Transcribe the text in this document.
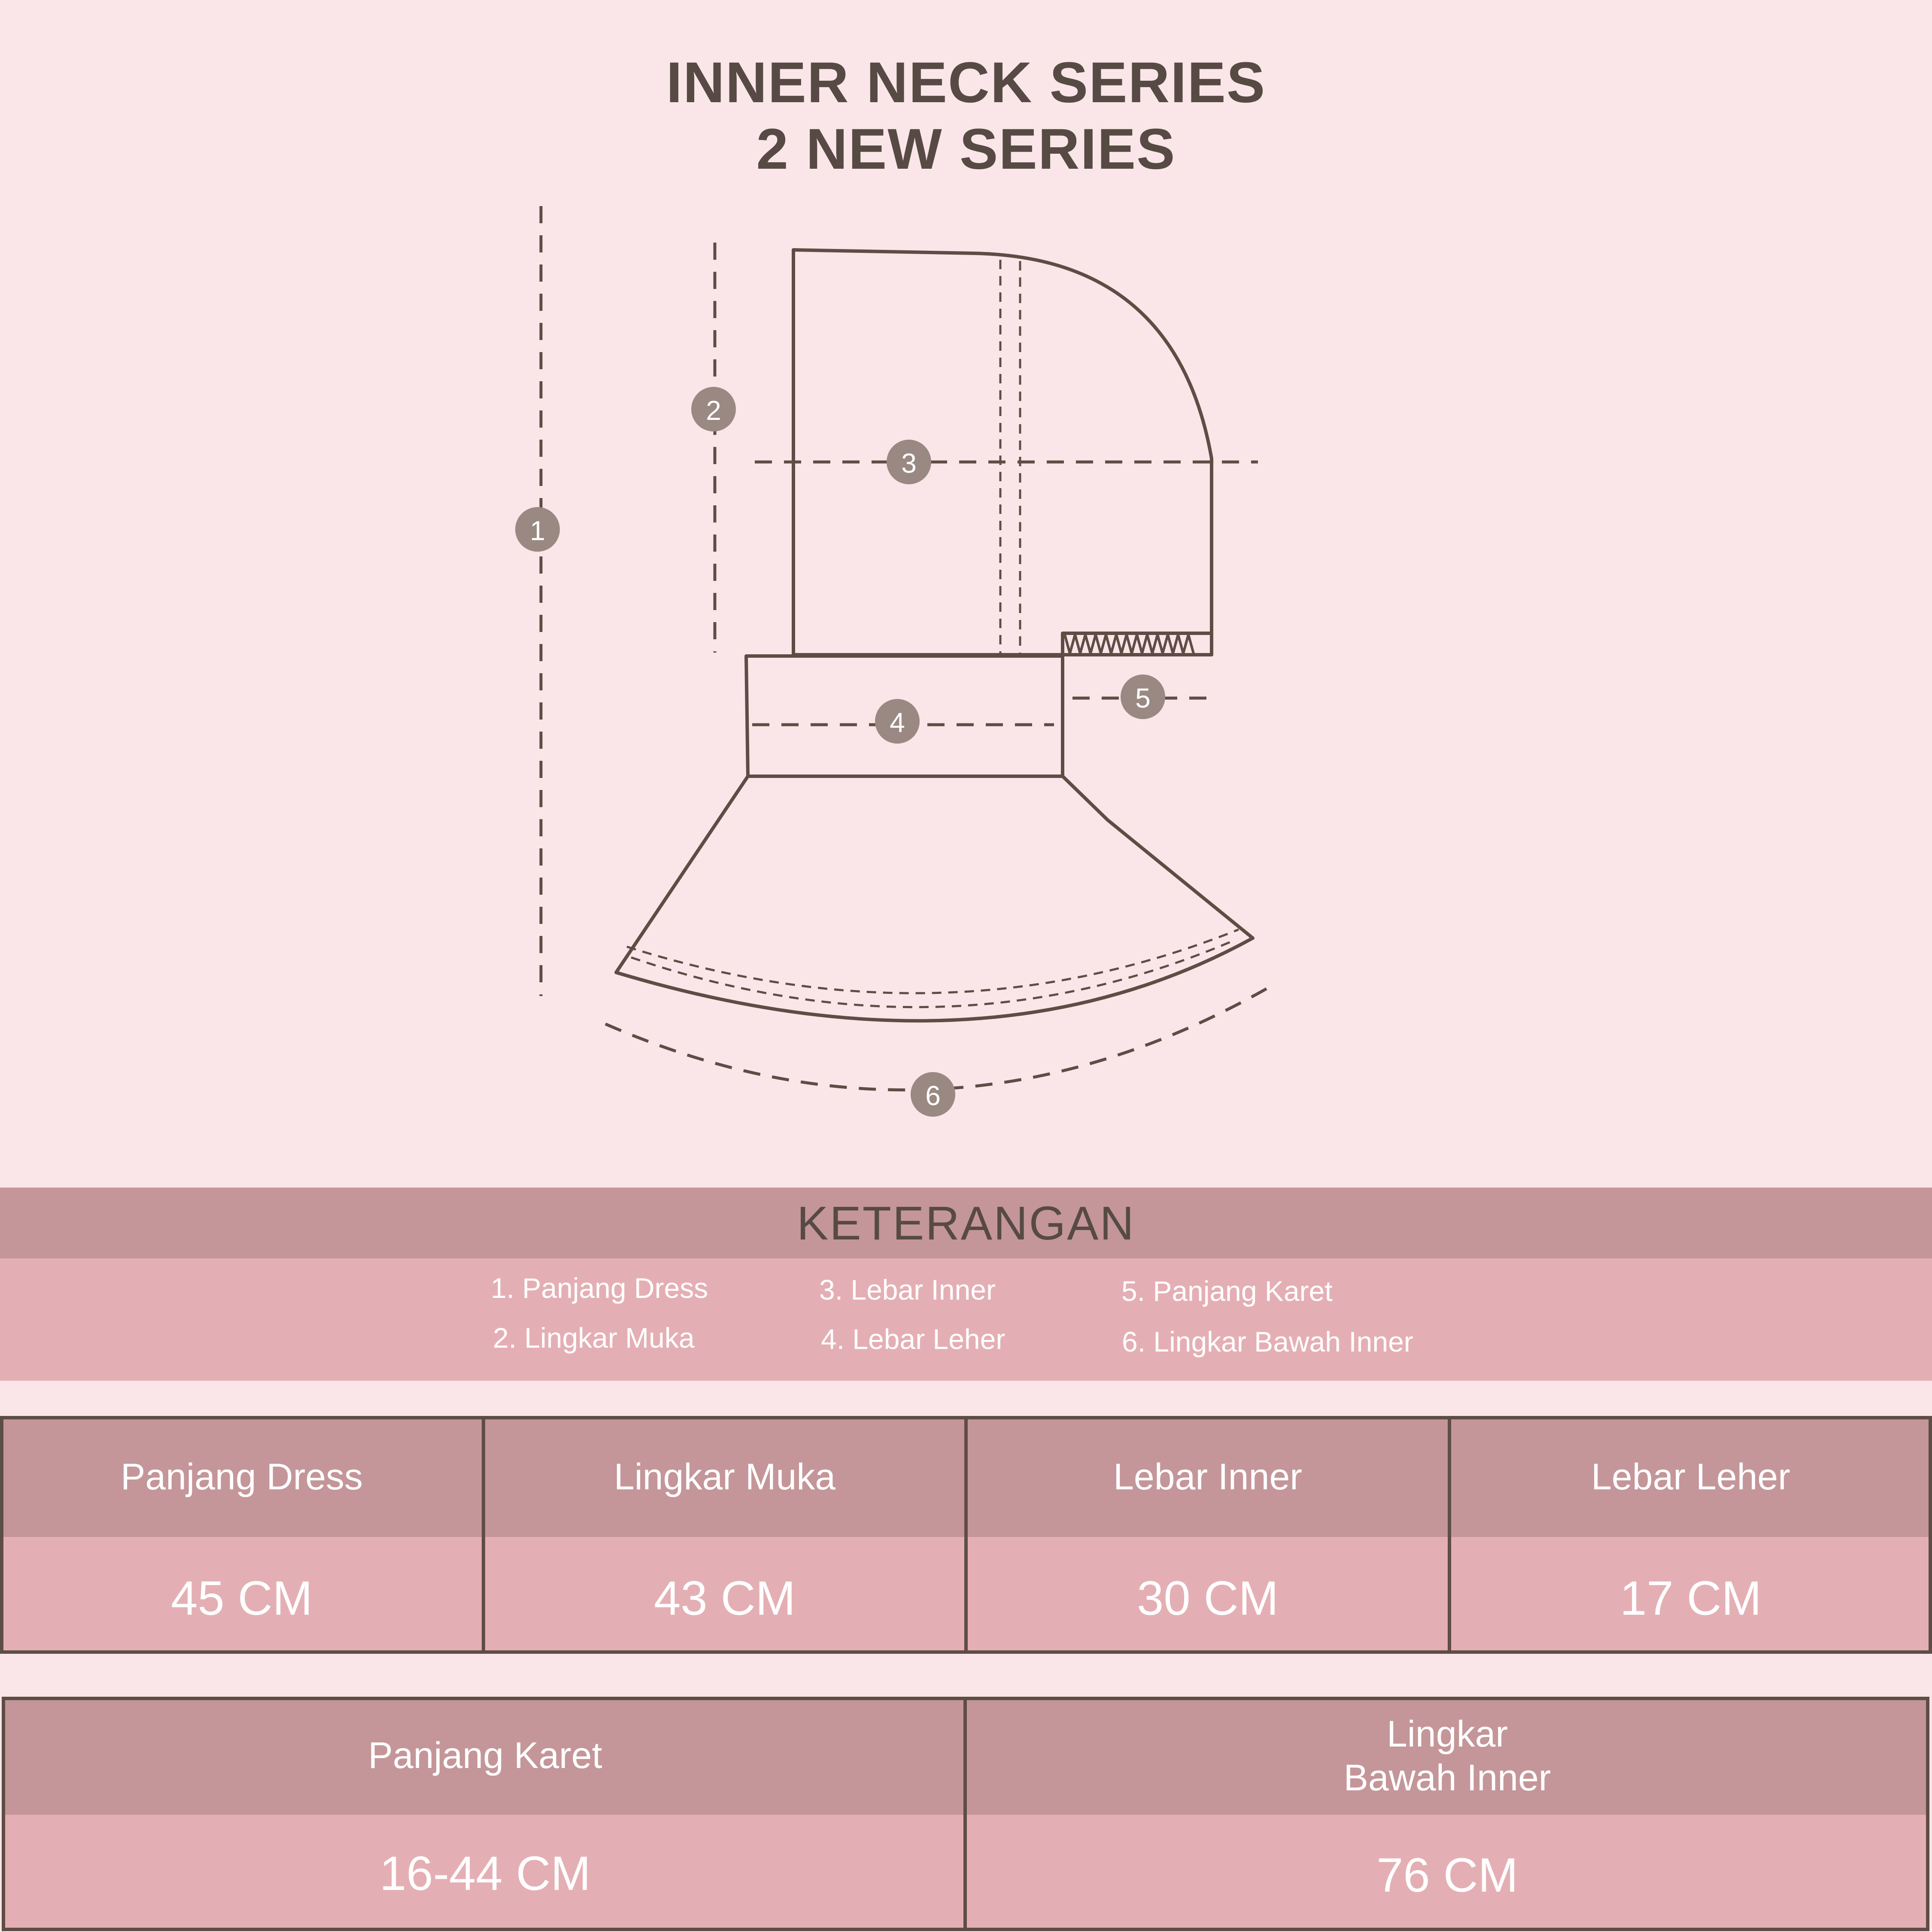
INNER NECK SERIES
2 NEW SERIES
1
2
3
4
5
6
KETERANGAN
1. Panjang Dress
2. Lingkar Muka
3. Lebar Inner
4. Lebar Leher
5. Panjang Karet
6. Lingkar Bawah Inner
Panjang Dress
45 CM
Lingkar Muka
43 CM
Lebar Inner
30 CM
Lebar Leher
17 CM
Panjang Karet
16-44 CM
Lingkar
Bawah Inner
76 CM
